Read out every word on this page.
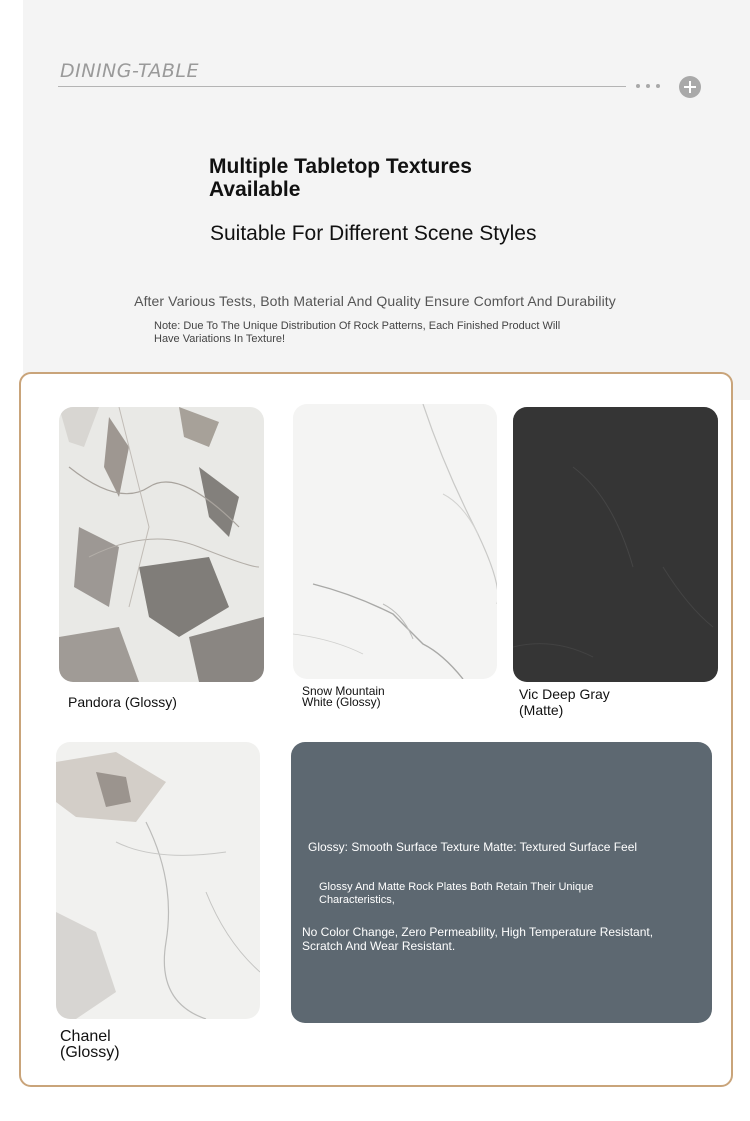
DINING-TABLE
Multiple Tabletop Textures
Available
Suitable For Different Scene Styles
After Various Tests, Both Material And Quality Ensure Comfort And Durability
Note: Due To The Unique Distribution Of Rock Patterns, Each Finished Product Will
Have Variations In Texture!
Pandora (Glossy)
Snow Mountain
White (Glossy)	Vic Deep Gray
(Matte)
Chanel
(Glossy)
Glossy: Smooth Surface Texture Matte: Textured Surface Feel
Glossy And Matte Rock Plates Both Retain Their Unique
Characteristics,
No Color Change, Zero Permeability, High Temperature Resistant,
Scratch And Wear Resistant.
